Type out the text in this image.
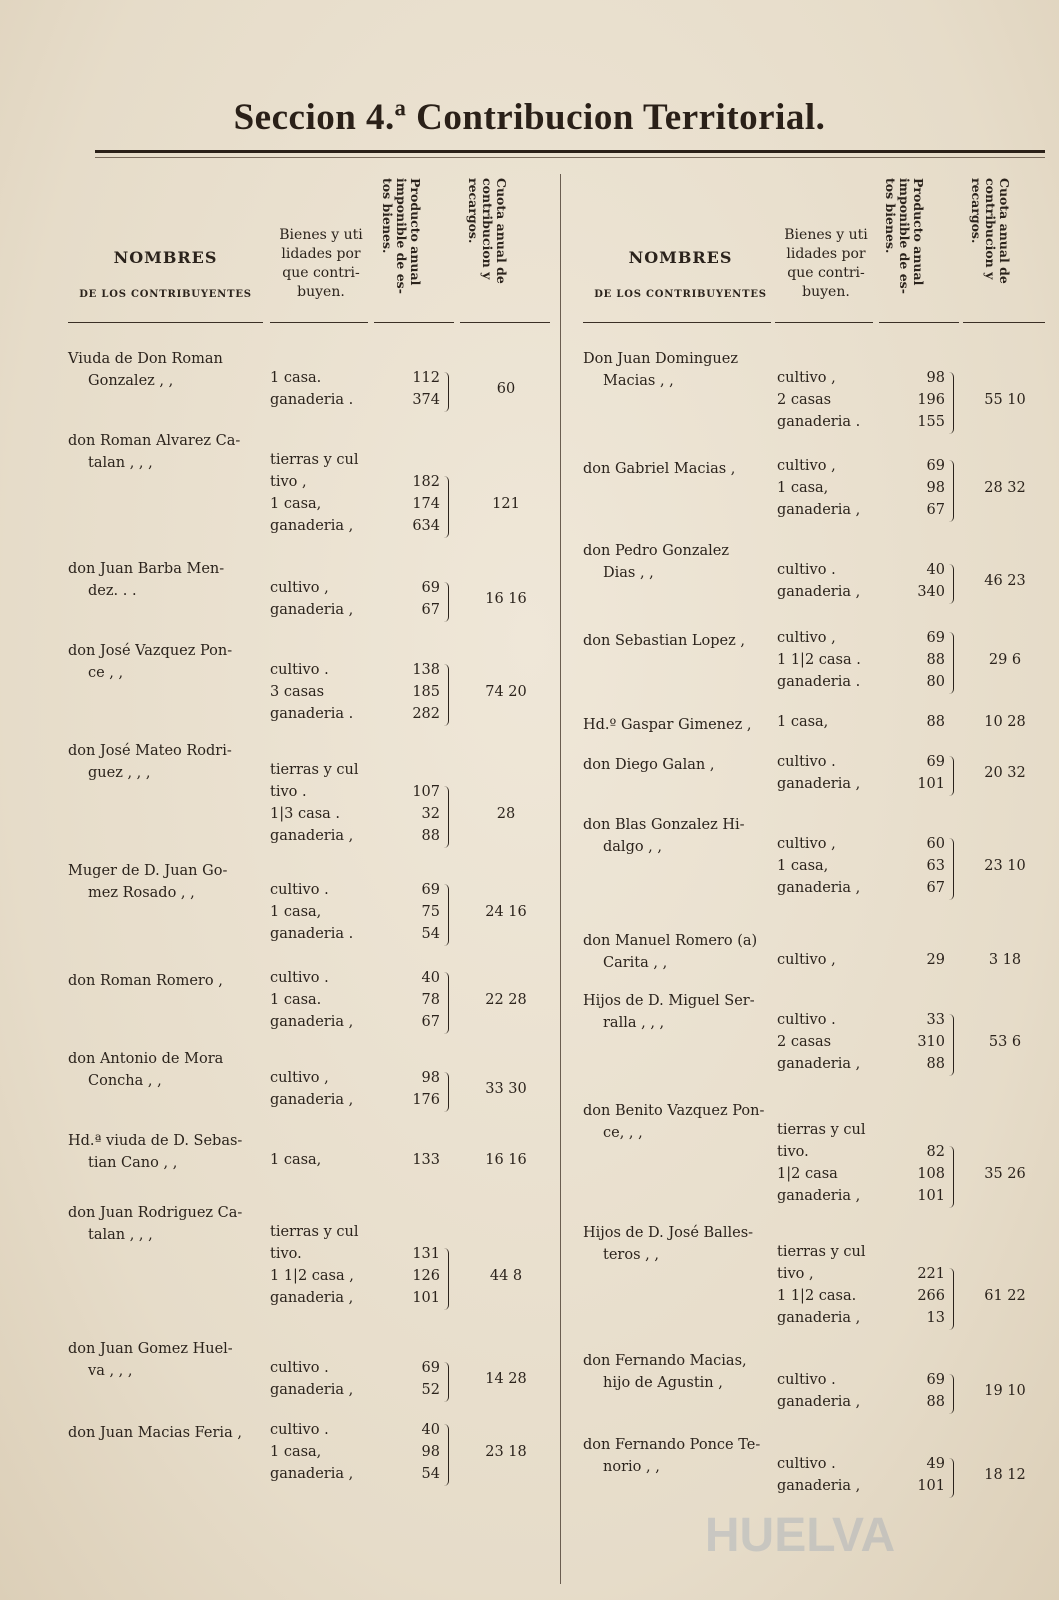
Seccion 4.ª Contribucion Territorial.
NOMBRES
DE LOS CONTRIBUYENTES
Bienes y uti lidades por que contri- buyen.
Producto anual
imponible de es-
tos bienes.
Cuota anual de
contribucion y
recargos.
Viuda de Don Roman
Gonzalez , ,	1 casa.	112
ganaderia .	374
60
don Roman Alvarez Ca-
talan , , ,	tierras y cul
tivo ,	182
1 casa,	174
ganaderia ,	634
121
don Juan Barba Men-
dez. . .	cultivo ,	69
ganaderia ,	67
16 16
don José Vazquez Pon-
ce , ,	cultivo .	138
3 casas	185
ganaderia .	282
74 20
don José Mateo Rodri-
guez , , ,	tierras y cul
tivo .	107
1|3 casa .	32
ganaderia ,	88
28
Muger de D. Juan Go-
mez Rosado , ,	cultivo .	69
1 casa,	75
ganaderia .	54
24 16
don Roman Romero ,	cultivo .	40
1 casa.	78
ganaderia ,	67
22 28
don Antonio de Mora
Concha , ,	cultivo ,	98
ganaderia ,	176
33 30
Hd.ª viuda de D. Sebas-
tian Cano , ,	1 casa,	133	16 16
don Juan Rodriguez Ca-
talan , , ,	tierras y cul
tivo.	131
1 1|2 casa ,	126
ganaderia ,	101
44 8
don Juan Gomez Huel-
va , , ,	cultivo .	69
ganaderia ,	52
14 28
don Juan Macias Feria ,	cultivo .	40
1 casa,	98
ganaderia ,	54
23 18
NOMBRES
DE LOS CONTRIBUYENTES
Bienes y uti lidades por que contri- buyen.
Producto anual
imponible de es-
tos bienes.
Cuota anual de
contribucion y
recargos.
Don Juan Dominguez
Macias , ,	cultivo ,	98
2 casas	196
ganaderia .	155
55 10
don Gabriel Macias ,	cultivo ,	69
1 casa,	98
ganaderia ,	67
28 32
don Pedro Gonzalez
Dias , ,	cultivo .	40
ganaderia ,	340
46 23
don Sebastian Lopez ,	cultivo ,	69
1 1|2 casa .	88
ganaderia .	80
29 6
Hd.º Gaspar Gimenez ,	1 casa,	88	10 28
don Diego Galan ,	cultivo .	69
ganaderia ,	101
20 32
don Blas Gonzalez Hi-
dalgo , ,	cultivo ,	60
1 casa,	63
ganaderia ,	67
23 10
don Manuel Romero (a)
Carita , ,	cultivo ,	29	3 18
Hijos de D. Miguel Ser-
ralla , , ,	cultivo .	33
2 casas	310
ganaderia ,	88
53 6
don Benito Vazquez Pon-
ce, , ,	tierras y cul
tivo.	82
1|2 casa	108
ganaderia ,	101
35 26
Hijos de D. José Balles-
teros , ,	tierras y cul
tivo ,	221
1 1|2 casa.	266
ganaderia ,	13
61 22
don Fernando Macias,
hijo de Agustin ,	cultivo .	69
ganaderia ,	88
19 10
don Fernando Ponce Te-
norio , ,	cultivo .	49
ganaderia ,	101
18 12
HUELVA
